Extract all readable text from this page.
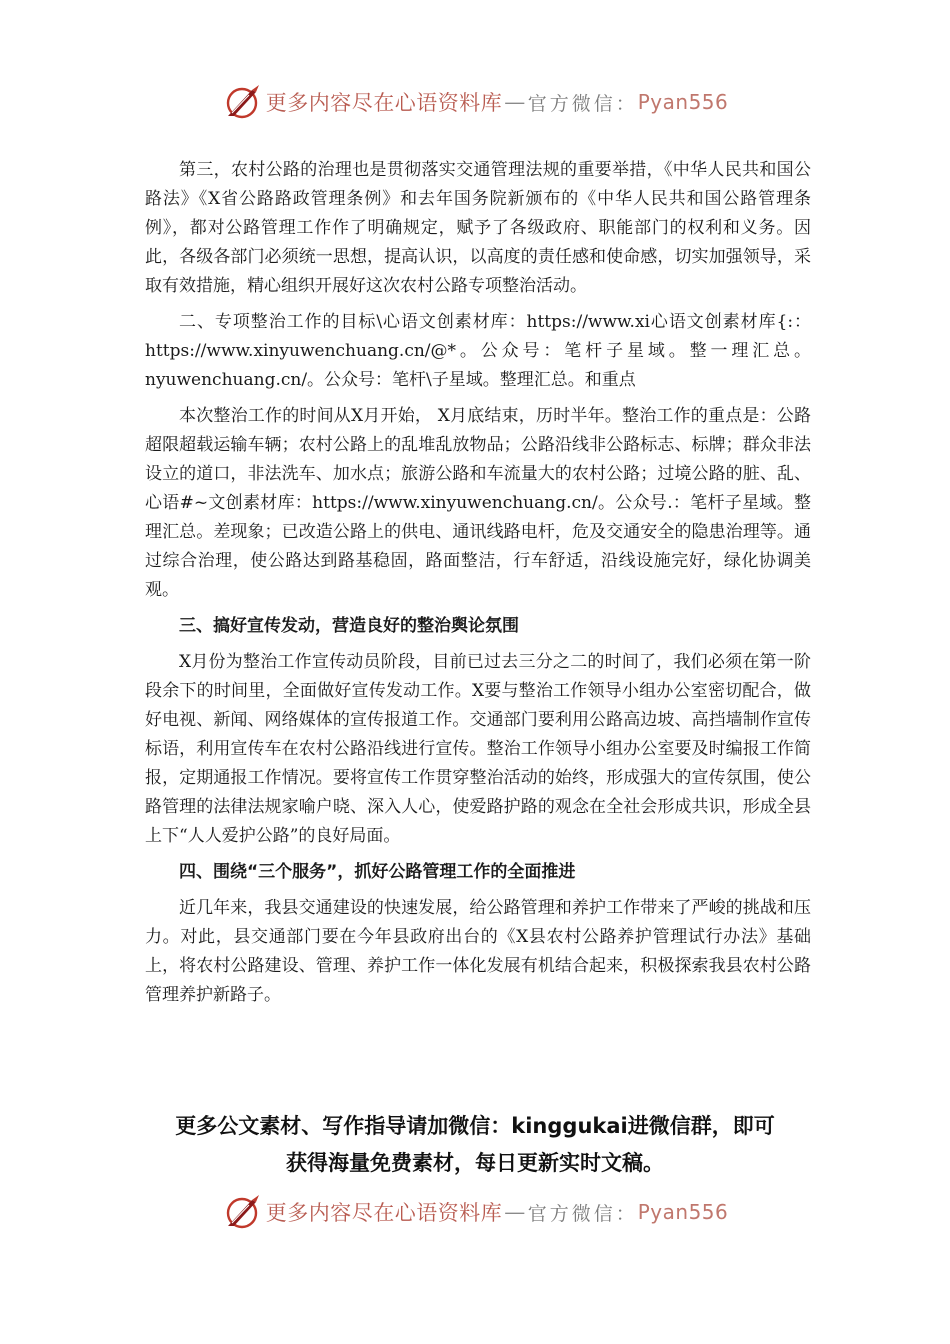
更多内容尽在心语资料库 — 官方微信： Pyan556

第三，农村公路的治理也是贯彻落实交通管理法规的重要举措，《中华人民共和国公路法》《X省公路路政管理条例》和去年国务院新颁布的《中华人民共和国公路管理条例》，都对公路管理工作作了明确规定，赋予了各级政府、职能部门的权利和义务。因此，各级各部门必须统一思想，提高认识，以高度的责任感和使命感，切实加强领导，采取有效措施，精心组织开展好这次农村公路专项整治活动。

二、专项整治工作的目标\心语文创素材库：https://www.xi心语文创素材库{:：https://www.xinyuwenchuang.cn/@*。公众号：笔杆子星域。整一理汇总。nyuwenchuang.cn/。公众号：笔杆\子星域。整理汇总。和重点

本次整治工作的时间从X月开始， X月底结束，历时半年。整治工作的重点是：公路超限超载运输车辆；农村公路上的乱堆乱放物品；公路沿线非公路标志、标牌；群众非法设立的道口，非法洗车、加水点；旅游公路和车流量大的农村公路；过境公路的脏、乱、心语#~文创素材库：https://www.xinyuwenchuang.cn/。公众号.：笔杆子星域。整理汇总。差现象；已改造公路上的供电、通讯线路电杆，危及交通安全的隐患治理等。通过综合治理，使公路达到路基稳固，路面整洁，行车舒适，沿线设施完好，绿化协调美观。

三、搞好宣传发动，营造良好的整治舆论氛围

X月份为整治工作宣传动员阶段，目前已过去三分之二的时间了，我们必须在第一阶段余下的时间里，全面做好宣传发动工作。X要与整治工作领导小组办公室密切配合，做好电视、新闻、网络媒体的宣传报道工作。交通部门要利用公路高边坡、高挡墙制作宣传标语，利用宣传车在农村公路沿线进行宣传。整治工作领导小组办公室要及时编报工作简报，定期通报工作情况。要将宣传工作贯穿整治活动的始终，形成强大的宣传氛围，使公路管理的法律法规家喻户晓、深入人心，使爱路护路的观念在全社会形成共识，形成全县上下“人人爱护公路”的良好局面。

四、围绕“三个服务”，抓好公路管理工作的全面推进

近几年来，我县交通建设的快速发展，给公路管理和养护工作带来了严峻的挑战和压力。对此，县交通部门要在今年县政府出台的《X县农村公路养护管理试行办法》基础上，将农村公路建设、管理、养护工作一体化发展有机结合起来，积极探索我县农村公路管理养护新路子。

更多公文素材、写作指导请加微信：kinggukai进微信群，即可
获得海量免费素材，每日更新实时文稿。
更多内容尽在心语资料库 — 官方微信： Pyan556
